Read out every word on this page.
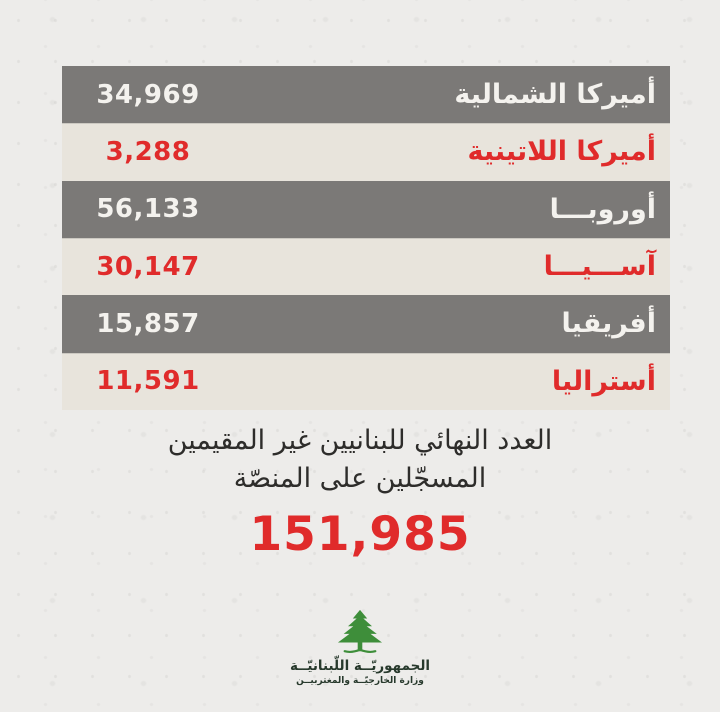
34,969	أميركا الشمالية
3,288	أميركا اللاتينية
56,133	أوروبـــا
30,147	آســـيـــا
15,857	أفريقيا
11,591	أستراليا
العدد النهائي للبنانيين غير المقيمين
المسجّلين على المنصّة
151,985
الجمهوريّــة اللّبنانيّــة
وزارة الخارجيّــة والمغتربيــن
